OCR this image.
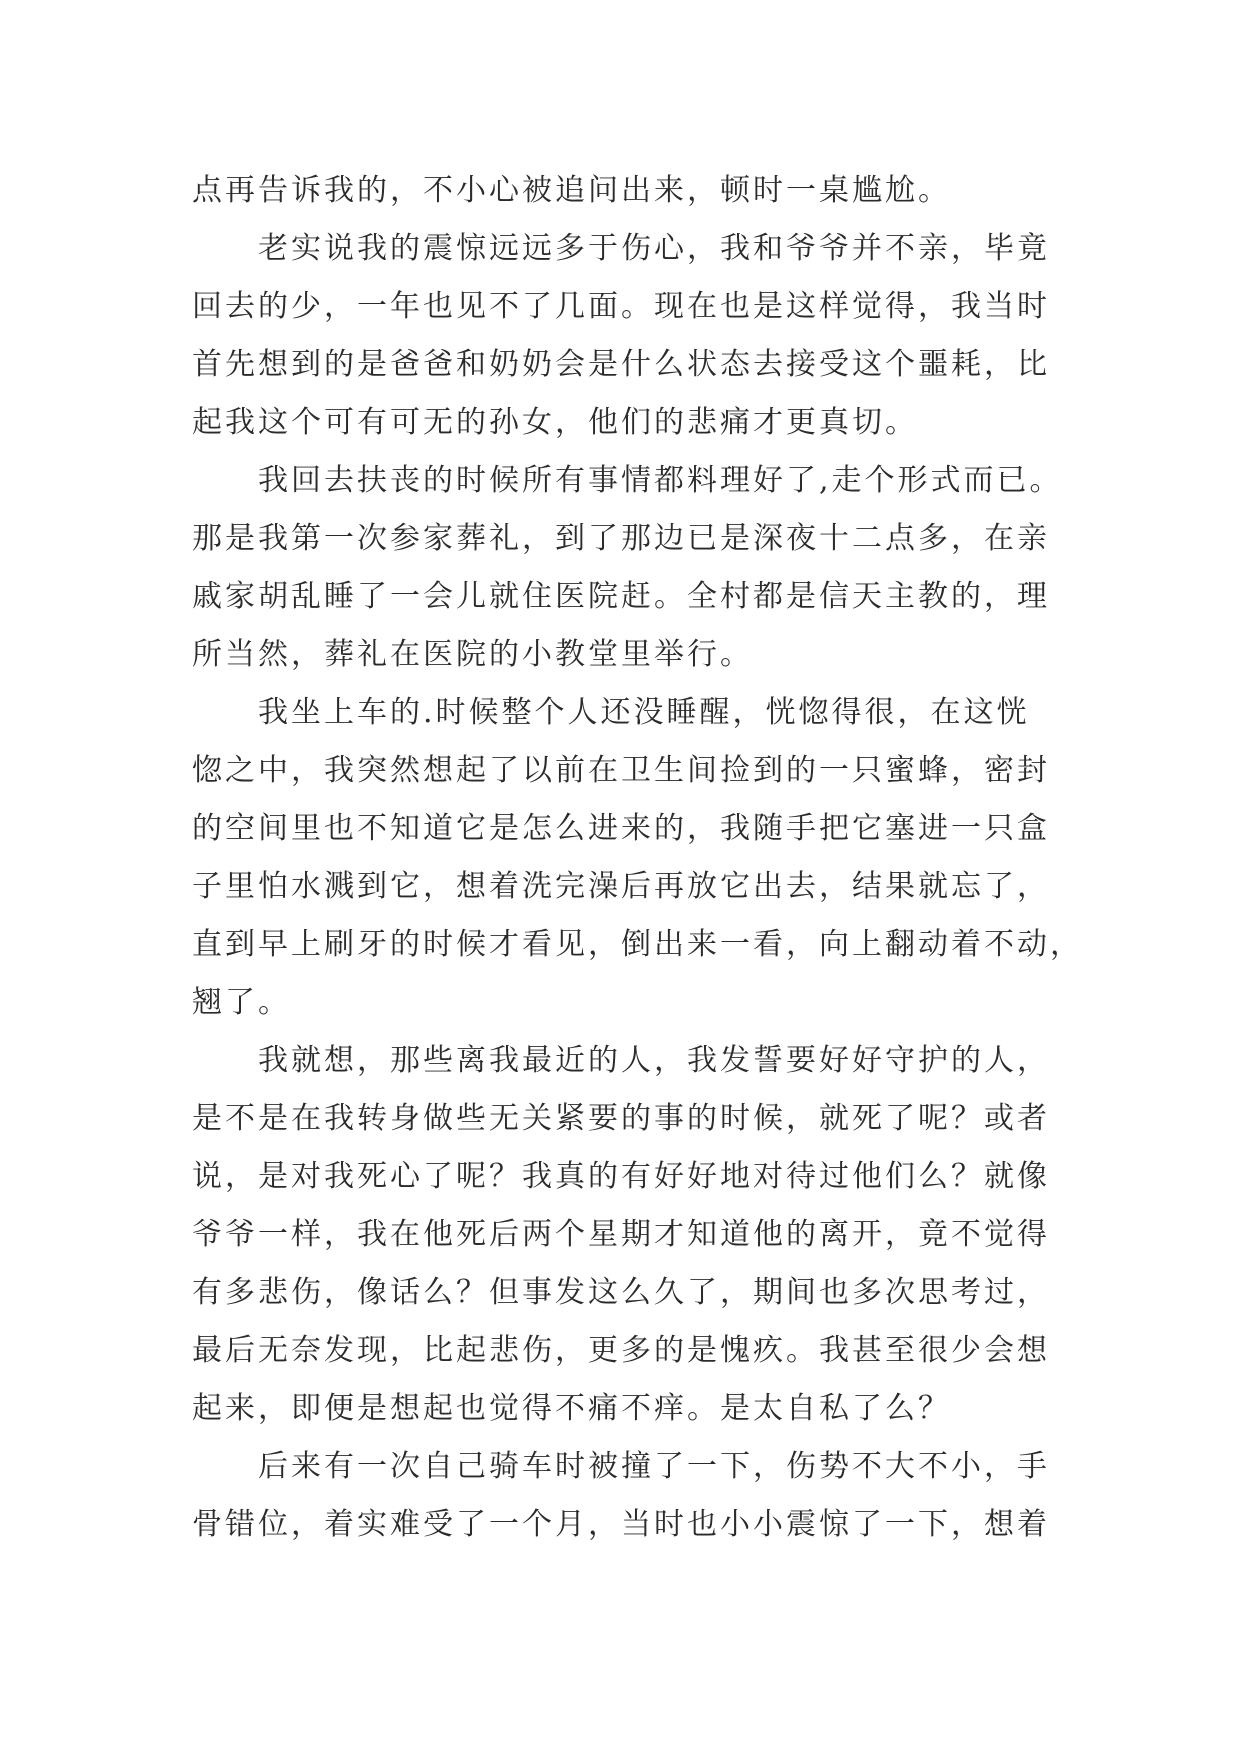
点再告诉我的，不小心被追问出来，顿时一桌尴尬。
老实说我的震惊远远多于伤心，我和爷爷并不亲，毕竟
回去的少，一年也见不了几面。现在也是这样觉得，我当时
首先想到的是爸爸和奶奶会是什么状态去接受这个噩耗，比
起我这个可有可无的孙女，他们的悲痛才更真切。
我回去扶丧的时候所有事情都料理好了,走个形式而已。
那是我第一次参家葬礼，到了那边已是深夜十二点多，在亲
戚家胡乱睡了一会儿就住医院赶。全村都是信天主教的，理
所当然，葬礼在医院的小教堂里举行。
我坐上车的.时候整个人还没睡醒，恍惚得很，在这恍
惚之中，我突然想起了以前在卫生间捡到的一只蜜蜂，密封
的空间里也不知道它是怎么进来的，我随手把它塞进一只盒
子里怕水溅到它，想着洗完澡后再放它出去，结果就忘了，
直到早上刷牙的时候才看见，倒出来一看，向上翻动着不动，
翘了。
我就想，那些离我最近的人，我发誓要好好守护的人，
是不是在我转身做些无关紧要的事的时候，就死了呢？或者
说，是对我死心了呢？我真的有好好地对待过他们么？就像
爷爷一样，我在他死后两个星期才知道他的离开，竟不觉得
有多悲伤，像话么？但事发这么久了，期间也多次思考过，
最后无奈发现，比起悲伤，更多的是愧疚。我甚至很少会想
起来，即便是想起也觉得不痛不痒。是太自私了么？
后来有一次自己骑车时被撞了一下，伤势不大不小，手
骨错位，着实难受了一个月，当时也小小震惊了一下，想着
